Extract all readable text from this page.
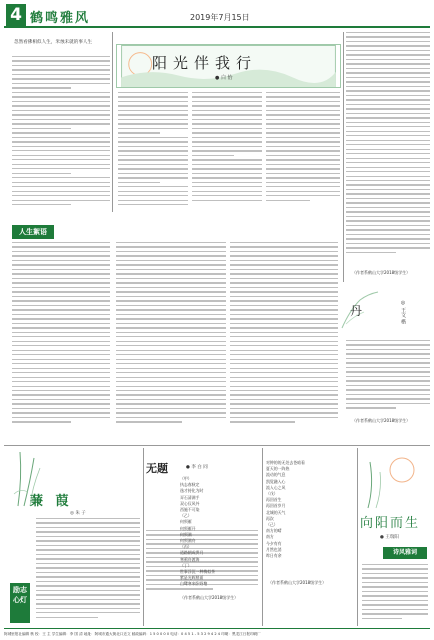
4 鹤鸣雅风	2019年7月15日
忽然看佛相似人生，米烛未就的事人生
阳光伴我行
● 白 怡
（作者系鹤山大学2018级学生）
人生絮语
丹	◎ 王文 楷
（作者系鹤山大学2018级学生）
蒹 葭
◎ 朱 子
励志心灯
无题	● 李 白 同
（甲）
执志春秋定
逸才持化为时
弄石清满手
双心仅风外
西施不可染
（乙）
何须雁
何须雁开
何须满
何须满舟
（丙）
道路朝成霁月
寒鸦舟渡海
（丁）
世事浮沉一种梅似茶
紫是光辉照面
白鹭寒来卧野塘
（作者系鹤山大学2018级学生）
对钟的的无处去苍暗看
夏天的一阵热
流动的气息
凯觉融入心
流入心之风
（戊）
再回首生
再回首岁月
北城的天气
再次
（己）
南方的晴
南方
今夕有有
月然也消
昨日有余
（作者系鹤山大学2018级学生）
向阳而生
● 王瑞阳
诗风雅词
阿城里报社编辑 核 校：王 主 学生编辑：李 国 清 地址：阿城市通大街北口近文 邮政编码：1 5 0 0 0 0 电话：0 4 5 1 - 5 3 2 9 4 2 4 印刷：黑龙江日报印刷厂
